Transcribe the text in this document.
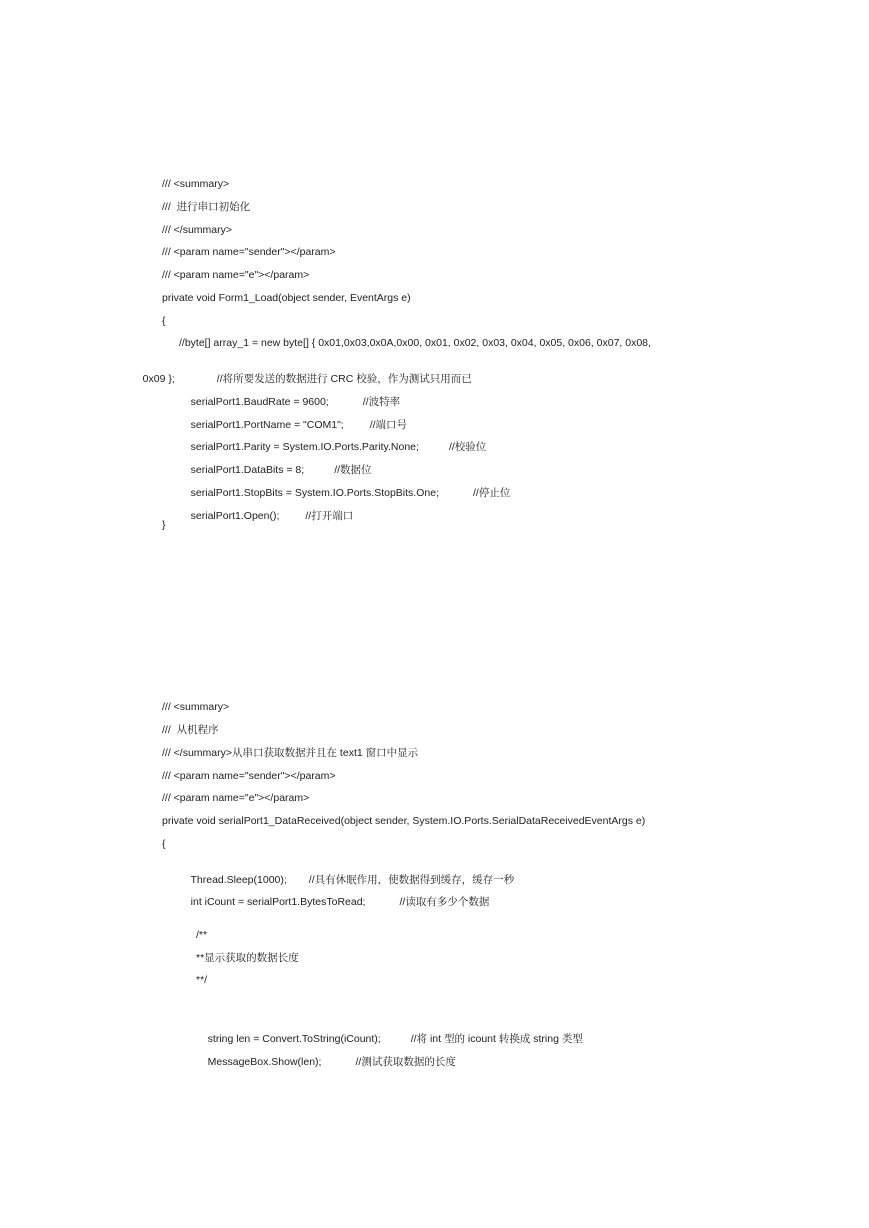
/// <summary>
///  进行串口初始化
/// </summary>
/// <param name="sender"></param>
/// <param name="e"></param>
private void Form1_Load(object sender, EventArgs e)
{
//byte[] array_1 = new byte[] { 0x01,0x03,0x0A,0x00, 0x01, 0x02, 0x03, 0x04, 0x05, 0x06, 0x07, 0x08,

0x09 };	//将所要发送的数据进行 CRC 校验，作为测试只用而已

serialPort1.BaudRate = 9600;	//波特率

serialPort1.PortName = "COM1"; //端口号

serialPort1.Parity = System.IO.Ports.Parity.None;	//校验位

serialPort1.DataBits = 8;	//数据位

serialPort1.StopBits = System.IO.Ports.StopBits.One;	//停止位

serialPort1.Open(); //打开端口

}
/// <summary>
///  从机程序
/// </summary>从串口获取数据并且在 text1 窗口中显示
/// <param name="sender"></param>
/// <param name="e"></param>
private void serialPort1_DataReceived(object sender, System.IO.Ports.SerialDataReceivedEventArgs e)
{

Thread.Sleep(1000); //具有休眠作用，使数据得到缓存，缓存一秒

int iCount = serialPort1.BytesToRead;	//读取有多少个数据

/**
**显示获取的数据长度
**/

string len = Convert.ToString(iCount);	//将 int 型的 icount 转换成 string 类型

MessageBox.Show(len);	//测试获取数据的长度
